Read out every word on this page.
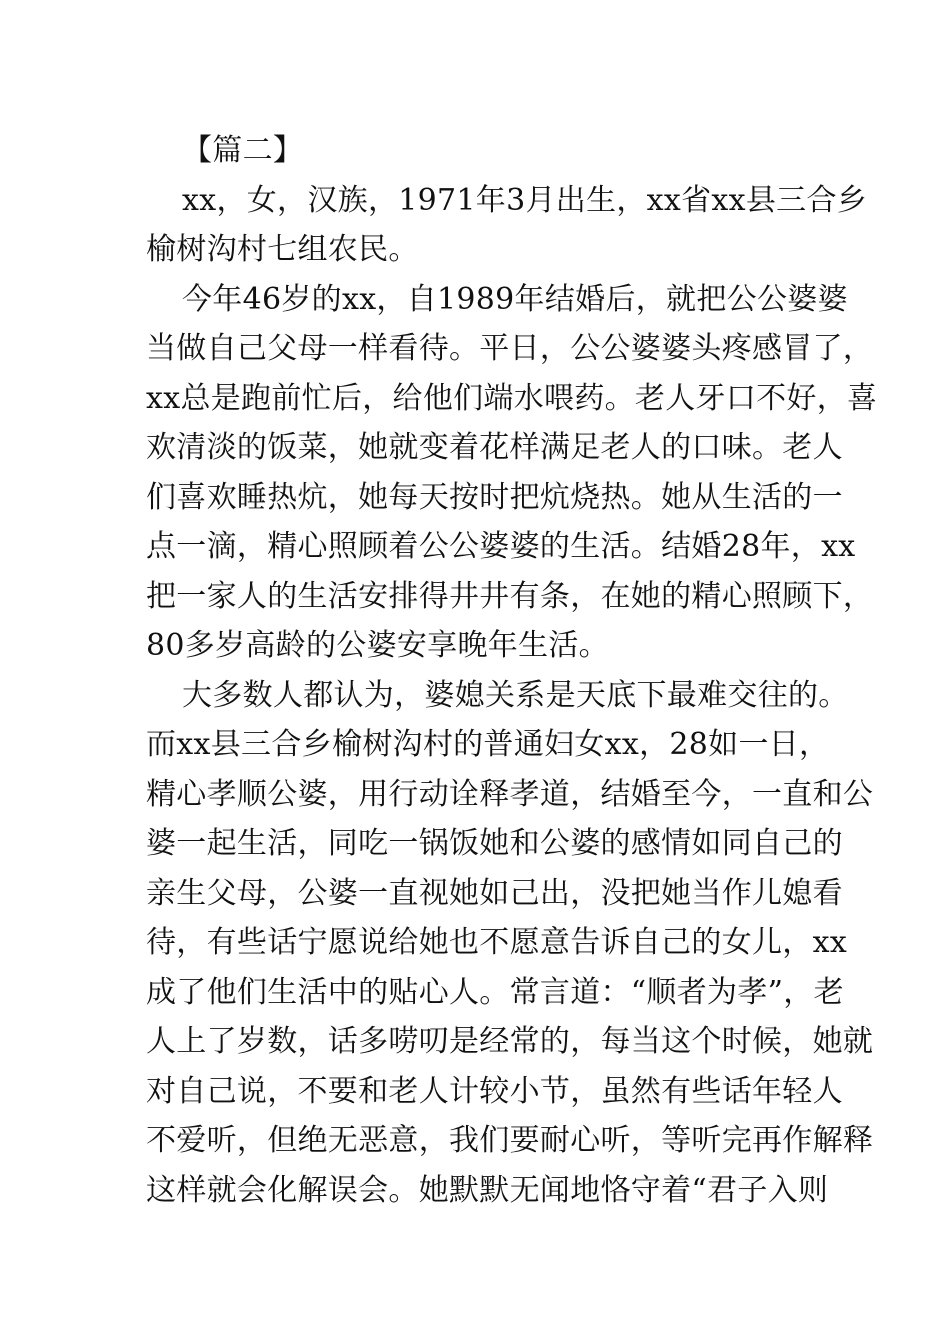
【篇二】
xx，女，汉族，1971年3月出生，xx省xx县三合乡
榆树沟村七组农民。
今年46岁的xx，自1989年结婚后，就把公公婆婆
当做自己父母一样看待。平日，公公婆婆头疼感冒了，
xx总是跑前忙后，给他们端水喂药。老人牙口不好，喜
欢清淡的饭菜，她就变着花样满足老人的口味。老人
们喜欢睡热炕，她每天按时把炕烧热。她从生活的一
点一滴，精心照顾着公公婆婆的生活。结婚28年，xx
把一家人的生活安排得井井有条，在她的精心照顾下，
80多岁高龄的公婆安享晚年生活。
大多数人都认为，婆媳关系是天底下最难交往的。
而xx县三合乡榆树沟村的普通妇女xx，28如一日，
精心孝顺公婆，用行动诠释孝道，结婚至今，一直和公
婆一起生活，同吃一锅饭她和公婆的感情如同自己的
亲生父母，公婆一直视她如己出，没把她当作儿媳看
待，有些话宁愿说给她也不愿意告诉自己的女儿，xx
成了他们生活中的贴心人。常言道：“顺者为孝”，老
人上了岁数，话多唠叨是经常的，每当这个时候，她就
对自己说，不要和老人计较小节，虽然有些话年轻人
不爱听，但绝无恶意，我们要耐心听，等听完再作解释
这样就会化解误会。她默默无闻地恪守着“君子入则
